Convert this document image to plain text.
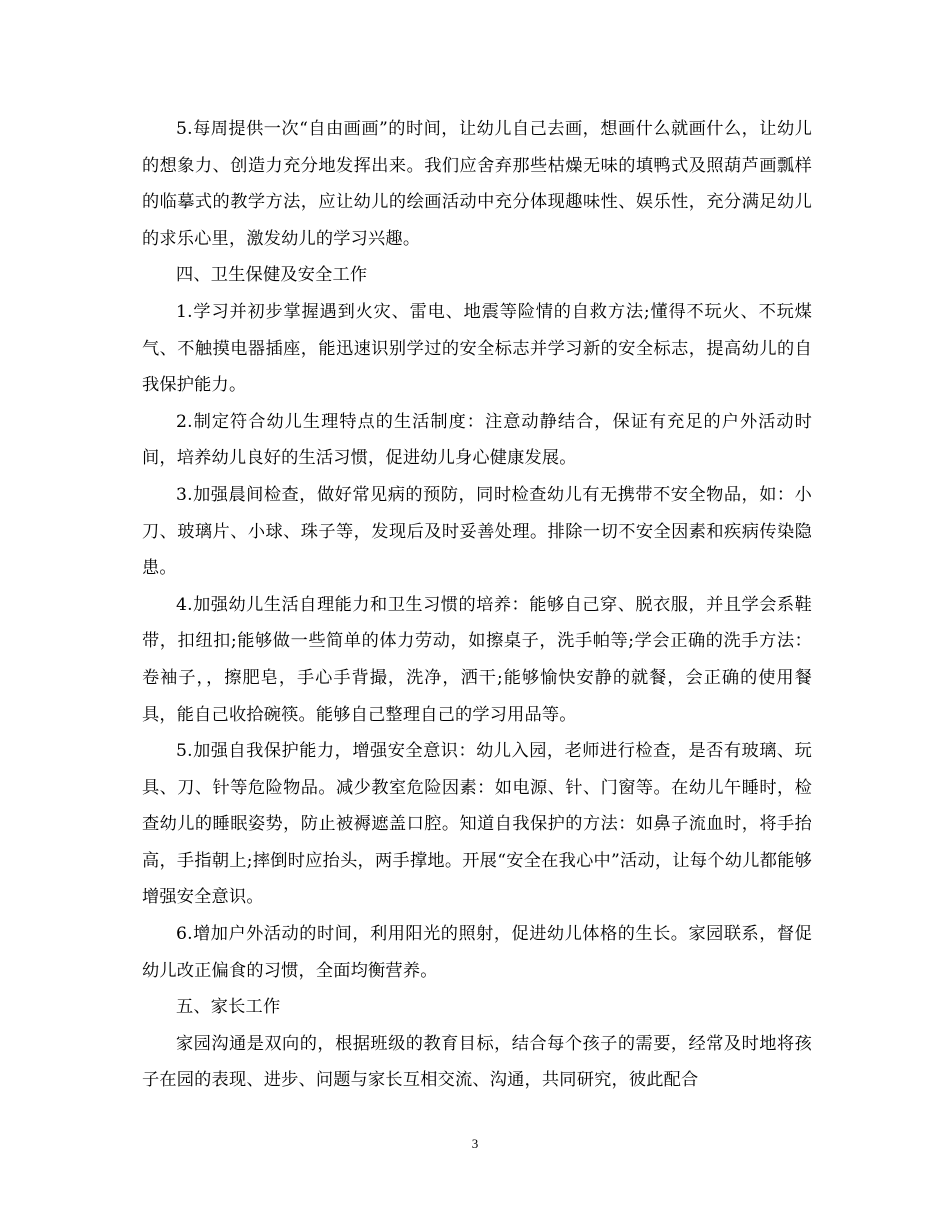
5.每周提供一次“自由画画”的时间，让幼儿自己去画，想画什么就画什么，让幼儿的想象力、创造力充分地发挥出来。我们应舍弃那些枯燥无味的填鸭式及照葫芦画瓢样的临摹式的教学方法，应让幼儿的绘画活动中充分体现趣味性、娱乐性，充分满足幼儿的求乐心里，激发幼儿的学习兴趣。

四、卫生保健及安全工作

1.学习并初步掌握遇到火灾、雷电、地震等险情的自救方法;懂得不玩火、不玩煤气、不触摸电器插座，能迅速识别学过的安全标志并学习新的安全标志，提高幼儿的自我保护能力。

2.制定符合幼儿生理特点的生活制度：注意动静结合，保证有充足的户外活动时间，培养幼儿良好的生活习惯，促进幼儿身心健康发展。

3.加强晨间检查，做好常见病的预防，同时检查幼儿有无携带不安全物品，如：小刀、玻璃片、小球、珠子等，发现后及时妥善处理。排除一切不安全因素和疾病传染隐患。

4.加强幼儿生活自理能力和卫生习惯的培养：能够自己穿、脱衣服，并且学会系鞋带，扣纽扣;能够做一些简单的体力劳动，如擦桌子，洗手帕等;学会正确的洗手方法：卷袖子，，擦肥皂，手心手背撮，洗净，洒干;能够愉快安静的就餐，会正确的使用餐具，能自己收拾碗筷。能够自己整理自己的学习用品等。

5.加强自我保护能力，增强安全意识：幼儿入园，老师进行检查，是否有玻璃、玩具、刀、针等危险物品。减少教室危险因素：如电源、针、门窗等。在幼儿午睡时，检查幼儿的睡眠姿势，防止被褥遮盖口腔。知道自我保护的方法：如鼻子流血时，将手抬高，手指朝上;摔倒时应抬头，两手撑地。开展“安全在我心中”活动，让每个幼儿都能够增强安全意识。

6.增加户外活动的时间，利用阳光的照射，促进幼儿体格的生长。家园联系，督促幼儿改正偏食的习惯，全面均衡营养。

五、家长工作

家园沟通是双向的，根据班级的教育目标，结合每个孩子的需要，经常及时地将孩子在园的表现、进步、问题与家长互相交流、沟通，共同研究，彼此配合

3
